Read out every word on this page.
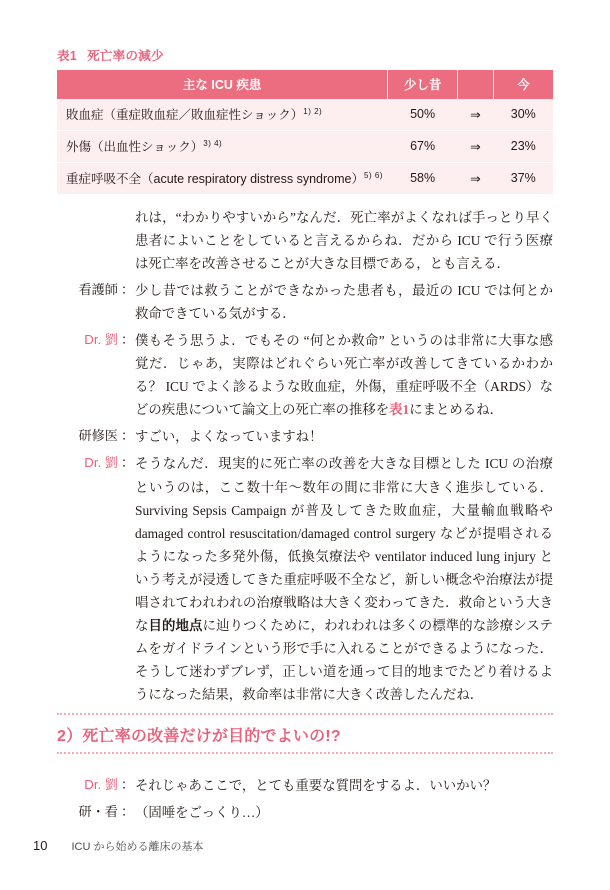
表1 死亡率の減少
主な ICU 疾患	少し昔		今
敗血症（重症敗血症／敗血症性ショック）$^{1) 2)}$	50%	⇒	30%
外傷（出血性ショック）$^{3) 4)}$	67%	⇒	23%
重症呼吸不全（acute respiratory distress syndrome）$^{5) 6)}$	58%	⇒	37%

れは，“わかりやすいから”なんだ．死亡率がよくなれば手っとり早く患者によいことをしていると言えるからね．だから ICU で行う医療は死亡率を改善させることが大きな目標である，とも言える．

看護師 ： 少し昔では救うことができなかった患者も，最近の ICU では何とか救命できている気がする．
Dr. 劉 ： 僕もそう思うよ．でもその “何とか救命” というのは非常に大事な感覚だ．じゃあ，実際はどれぐらい死亡率が改善してきているかわかる？ ICU でよく診るような敗血症，外傷，重症呼吸不全（ARDS）などの疾患について論文上の死亡率の推移を表1にまとめるね．
研修医 ： すごい，よくなっていますね！
Dr. 劉 ： そうなんだ．現実的に死亡率の改善を大きな目標とした ICU の治療というのは，ここ数十年〜数年の間に非常に大きく進歩している．Surviving Sepsis Campaign が普及してきた敗血症，大量輸血戦略や damaged control resuscitation/damaged control surgery などが提唱されるようになった多発外傷，低換気療法や ventilator induced lung injury という考えが浸透してきた重症呼吸不全など，新しい概念や治療法が提唱されてわれわれの治療戦略は大きく変わってきた．救命という大きな目的地点に辿りつくために，われわれは多くの標準的な診療システムをガイドラインという形で手に入れることができるようになった．そうして迷わずブレず，正しい道を通って目的地までたどり着けるようになった結果，救命率は非常に大きく改善したんだね．
2）死亡率の改善だけが目的でよいの!?
Dr. 劉 ： それじゃあここで，とても重要な質問をするよ．いいかい？
研・看 ： （固唾をごっくり…）
10 ICU から始める離床の基本
